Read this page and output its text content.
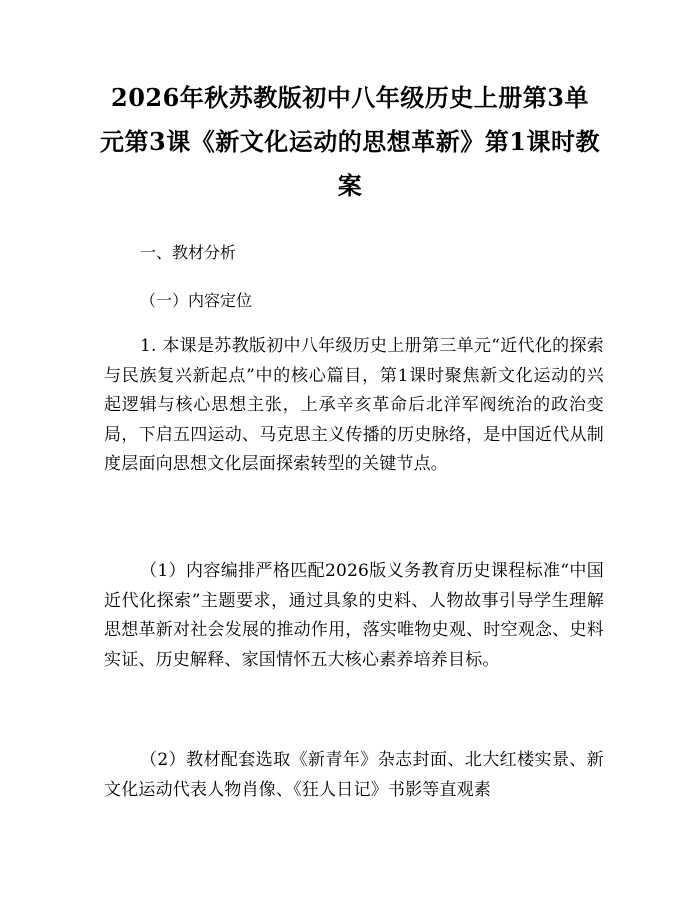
2026年秋苏教版初中八年级历史上册第3单元第3课《新文化运动的思想革新》第1课时教案

一、教材分析

（一）内容定位

1. 本课是苏教版初中八年级历史上册第三单元“近代化的探索与民族复兴新起点”中的核心篇目，第1课时聚焦新文化运动的兴起逻辑与核心思想主张，上承辛亥革命后北洋军阀统治的政治变局，下启五四运动、马克思主义传播的历史脉络，是中国近代从制度层面向思想文化层面探索转型的关键节点。

（1）内容编排严格匹配2026版义务教育历史课程标准“中国近代化探索”主题要求，通过具象的史料、人物故事引导学生理解思想革新对社会发展的推动作用，落实唯物史观、时空观念、史料实证、历史解释、家国情怀五大核心素养培养目标。

（2）教材配套选取《新青年》杂志封面、北大红楼实景、新文化运动代表人物肖像、《狂人日记》书影等直观素
